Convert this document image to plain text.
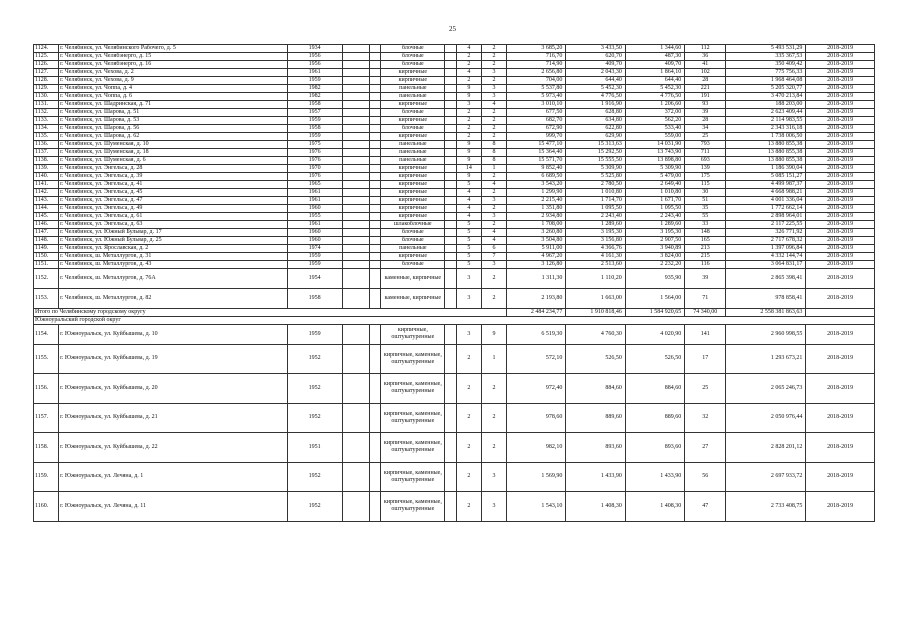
25
1124.	г. Челябинск, ул. Челябинского Рабочего, д. 5	1934			блочные		4	2	3 685,20	3 433,50	1 344,60	112	5 493 531,29	2018-2019
1125.	г. Челябинск, ул. Челябэнерго, д. 15	1956			блочные		2	2	716,70	620,70	487,30	36	335 367,53	2018-2019
1126.	г. Челябинск, ул. Челябэнерго, д. 16	1956			блочные		2	2	714,90	409,70	409,70	41	350 409,42	2018-2019
1127.	г. Челябинск, ул. Чехова, д. 2	1961			кирпичные		4	3	2 656,80	2 043,30	1 864,10	102	775 756,33	2018-2019
1128.	г. Челябинск, ул. Чехова, д. 9	1959			кирпичные		2	2	704,00	644,40	644,40	28	1 968 464,08	2018-2019
1129.	г. Челябинск, ул. Чоппа, д. 4	1982			панельные		9	3	5 537,80	5 452,30	5 452,30	221	5 205 320,77	2018-2019
1130.	г. Челябинск, ул. Чоппа, д. 6	1982			панельные		9	3	5 973,40	4 776,50	4 776,50	191	3 470 213,84	2018-2019
1131.	г. Челябинск, ул. Шадринская, д. 71	1958			кирпичные		3	4	3 010,10	1 916,90	1 206,60	93	188 203,00	2018-2019
1132.	г. Челябинск, ул. Шарова, д. 51	1957			блочные		2	2	677,50	628,80	372,00	39	2 623 409,44	2018-2019
1133.	г. Челябинск, ул. Шарова, д. 53	1959			кирпичные		2	2	682,70	634,80	562,20	28	2 114 983,55	2018-2019
1134.	г. Челябинск, ул. Шарова, д. 56	1958			блочные		2	2	672,90	622,80	533,40	34	2 343 316,18	2018-2019
1135.	г. Челябинск, ул. Шарова, д. 62	1959			кирпичные		2	2	999,70	629,90	559,00	25	1 738 006,50	2018-2019
1136.	г. Челябинск, ул. Шуменская, д. 10	1975			панельные		9	8	15 477,10	15 313,63	14 031,90	793	13 880 855,38	2018-2019
1137.	г. Челябинск, ул. Шуменская, д. 18	1976			панельные		9	8	15 364,40	15 292,50	13 743,90	711	13 880 855,38	2018-2019
1138.	г. Челябинск, ул. Шуменская, д. 6	1976			панельные		9	8	15 571,70	15 555,50	13 898,80	693	13 880 855,38	2018-2019
1139.	г. Челябинск, ул. Энгельса, д. 28	1970			кирпичные		14	1	9 852,40	5 309,90	5 309,90	139	1 186 390,04	2018-2019
1140.	г. Челябинск, ул. Энгельса, д. 39	1976			кирпичные		9	2	6 689,50	5 525,80	5 479,00	175	5 085 151,27	2018-2019
1141.	г. Челябинск, ул. Энгельса, д. 41	1965			кирпичные		5	4	3 543,20	2 780,50	2 649,40	115	4 499 987,37	2018-2019
1142.	г. Челябинск, ул. Энгельса, д. 45	1961			кирпичные		4	2	1 299,90	1 010,80	1 010,80	30	4 668 988,21	2018-2019
1143.	г. Челябинск, ул. Энгельса, д. 47	1961			кирпичные		4	3	2 215,40	1 714,70	1 671,70	51	4 001 336,04	2018-2019
1144.	г. Челябинск, ул. Энгельса, д. 49	1960			кирпичные		4	2	1 351,80	1 095,50	1 095,50	35	1 772 662,14	2018-2019
1145.	г. Челябинск, ул. Энгельса, д. 61	1955			кирпичные		4	3	2 934,80	2 243,40	2 243,40	55	2 898 964,01	2018-2019
1146.	г. Челябинск, ул. Энгельса, д. 63	1961			шлакоблочные		5	2	1 708,00	1 289,60	1 289,60	33	2 117 225,55	2018-2019
1147.	г. Челябинск, ул. Южный Бульвар, д. 17	1960			блочные		5	4	3 260,80	3 195,30	3 195,30	148	326 771,92	2018-2019
1148.	г. Челябинск, ул. Южный Бульвар, д. 25	1960			блочные		5	4	3 504,80	3 156,80	2 907,50	165	2 717 678,32	2018-2019
1149.	г. Челябинск, ул. Ярославская, д. 2	1974			панельные		5	6	5 911,00	4 366,76	3 940,89	213	1 397 096,84	2018-2019
1150.	г. Челябинск, ш. Металлургов, д. 31	1959			кирпичные		5	7	4 967,20	4 161,30	3 824,00	215	4 332 144,74	2018-2019
1151.	г. Челябинск, ш. Металлургов, д. 43	1959			блочные		5	3	3 126,80	2 513,60	2 232,20	116	3 064 831,17	2018-2019
1152.	г. Челябинск, ш. Металлургов, д. 76А	1954			каменные, кирпичные		3	2	1 311,30	1 110,20	935,90	39	2 865 398,41	2018-2019
1153.	г. Челябинск, ш. Металлургов, д. 82	1958			каменные, кирпичные		3	2	2 193,80	1 663,00	1 564,00	71	978 858,41	2018-2019
Итого по Челябинскому городскому округу									2 484 234,77	1 910 818,46	1 584 920,65	74 340,00	2 558 381 863,63	
Южноуральский городской округ														
1154.	г. Южноуральск, ул. Куйбышева, д. 10	1959			кирпичные, оштукатуренные		3	9	6 519,30	4 760,30	4 020,90	141	2 960 998,55	2018-2019
1155.	г. Южноуральск, ул. Куйбышева, д. 19	1952			кирпичные, каменные, оштукатуренные		2	1	572,10	526,50	526,50	17	1 293 673,21	2018-2019
1156.	г. Южноуральск, ул. Куйбышева, д. 20	1952			кирпичные, каменные, оштукатуренные		2	2	972,40	884,60	884,60	25	2 065 246,73	2018-2019
1157.	г. Южноуральск, ул. Куйбышева, д. 21	1952			кирпичные, каменные, оштукатуренные		2	2	978,60	889,60	889,60	32	2 050 976,44	2018-2019
1158.	г. Южноуральск, ул. Куйбышева, д. 22	1951			кирпичные, каменные, оштукатуренные		2	2	982,10	893,60	893,60	27	2 828 201,12	2018-2019
1159.	г. Южноуральск, ул. Лечяна, д. 1	1952			кирпичные, каменные, оштукатуренные		2	3	1 569,90	1 433,90	1 433,90	56	2 697 933,72	2018-2019
1160.	г. Южноуральск, ул. Лечяна, д. 11	1952			кирпичные, каменные, оштукатуренные		2	3	1 543,10	1 408,30	1 408,30	47	2 733 408,75	2018-2019
